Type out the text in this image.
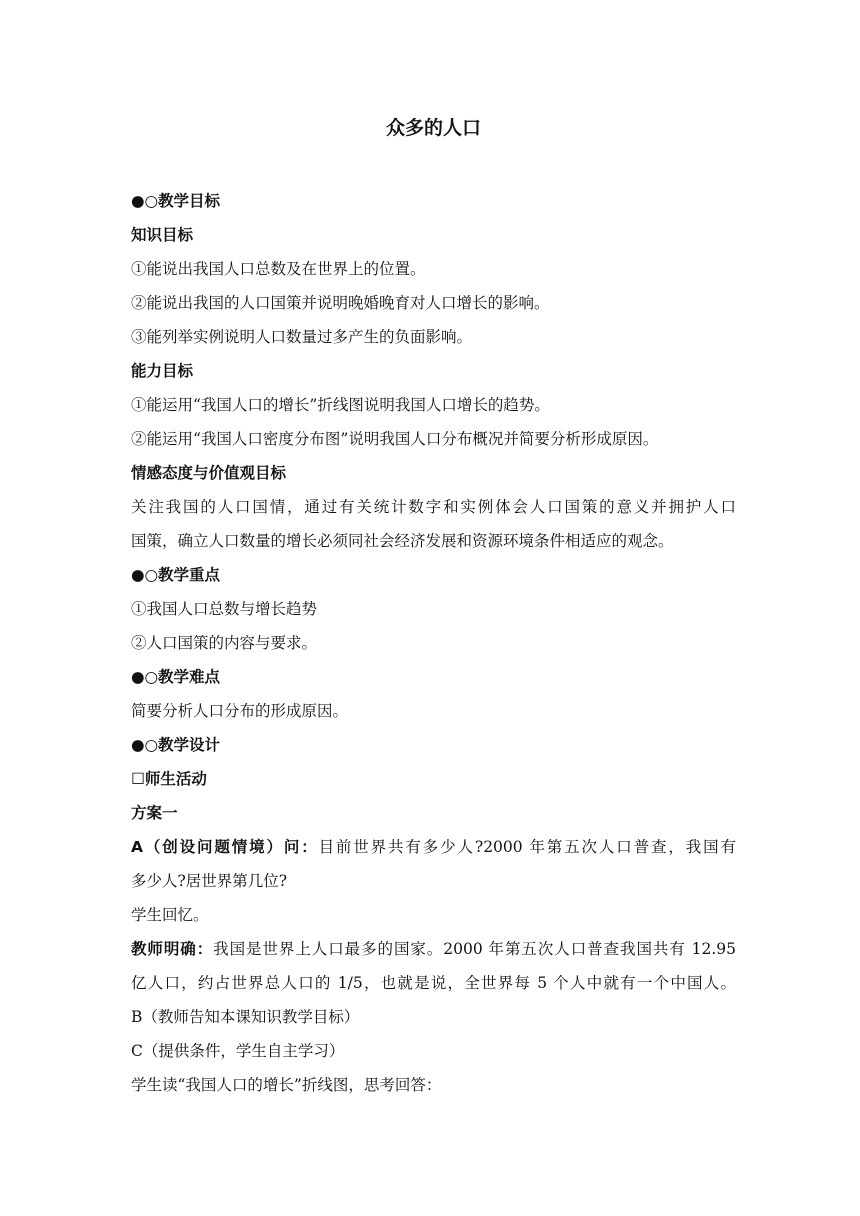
众多的人口
●○教学目标
知识目标
①能说出我国人口总数及在世界上的位置。
②能说出我国的人口国策并说明晚婚晚育对人口增长的影响。
③能列举实例说明人口数量过多产生的负面影响。
能力目标
①能运用“我国人口的增长”折线图说明我国人口增长的趋势。
②能运用“我国人口密度分布图”说明我国人口分布概况并简要分析形成原因。
情感态度与价值观目标
关注我国的人口国情，通过有关统计数字和实例体会人口国策的意义并拥护人口
国策，确立人口数量的增长必须同社会经济发展和资源环境条件相适应的观念。
●○教学重点
①我国人口总数与增长趋势
②人口国策的内容与要求。
●○教学难点
简要分析人口分布的形成原因。
●○教学设计
☐师生活动
方案一
A（创设问题情境）问：目前世界共有多少人?2000 年第五次人口普查，我国有
多少人?居世界第几位?
学生回忆。
教师明确：我国是世界上人口最多的国家。2000 年第五次人口普查我国共有 12.95
亿人口，约占世界总人口的 1/5，也就是说，全世界每 5 个人中就有一个中国人。
B（教师告知本课知识教学目标）
C（提供条件，学生自主学习）
学生读“我国人口的增长”折线图，思考回答：
